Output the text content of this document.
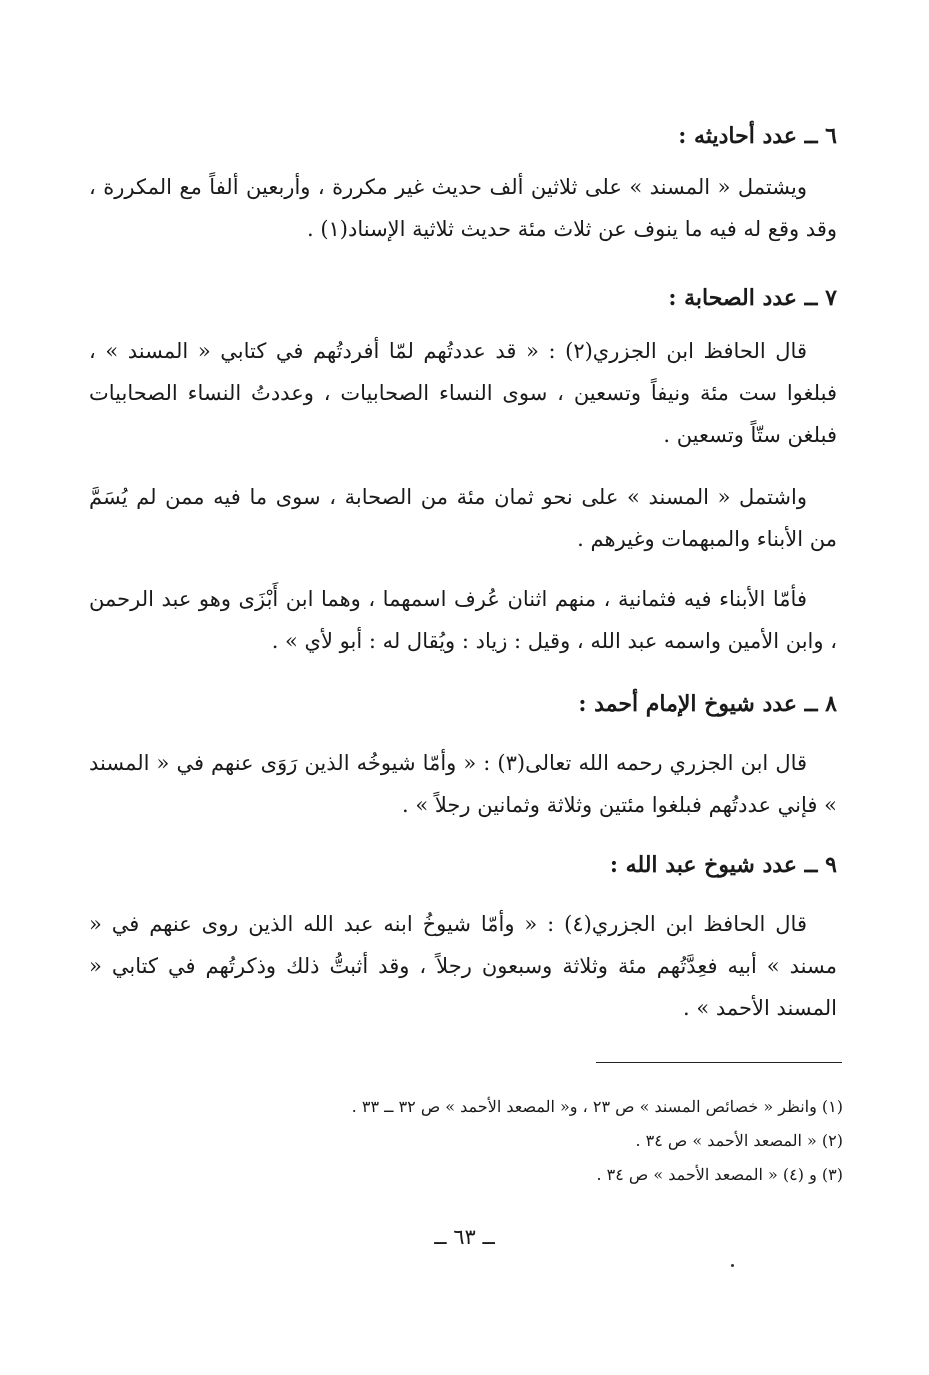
٦ ــ عدد أحاديثه :

ويشتمل « المسند » على ثلاثين ألف حديث غير مكررة ، وأربعين ألفاً مع المكررة ، وقد وقع له فيه ما ينوف عن ثلاث مئة حديث ثلاثية الإسناد(١) .

٧ ــ عدد الصحابة :

قال الحافظ ابن الجزري(٢) : « قد عددتُهم لمّا أفردتُهم في كتابي « المسند » ، فبلغوا ست مئة ونيفاً وتسعين ، سوى النساء الصحابيات ، وعددتُ النساء الصحابيات فبلغن ستّاً وتسعين .

واشتمل « المسند » على نحو ثمان مئة من الصحابة ، سوى ما فيه ممن لم يُسَمَّ من الأبناء والمبهمات وغيرهم .

فأمّا الأبناء فيه فثمانية ، منهم اثنان عُرف اسمهما ، وهما ابن أَبْزَى وهو عبد الرحمن ، وابن الأمين واسمه عبد الله ، وقيل : زياد : ويُقال له : أبو لأي » .

٨ ــ عدد شيوخ الإمام أحمد :

قال ابن الجزري رحمه الله تعالى(٣) : « وأمّا شيوخُه الذين رَوَى عنهم في « المسند » فإني عددتُهم فبلغوا مئتين وثلاثة وثمانين رجلاً » .

٩ ــ عدد شيوخ عبد الله :

قال الحافظ ابن الجزري(٤) : « وأمّا شيوخُ ابنه عبد الله الذين روى عنهم في « مسند » أبيه فعِدَّتُهم مئة وثلاثة وسبعون رجلاً ، وقد أثبتُّ ذلك وذكرتُهم في كتابي « المسند الأحمد » .

(١) وانظر « خصائص المسند » ص ٢٣ ، و« المصعد الأحمد » ص ٣٢ ــ ٣٣ .

(٢) « المصعد الأحمد » ص ٣٤ .

(٣) و (٤) « المصعد الأحمد » ص ٣٤ .

ــ ٦٣ ــ
